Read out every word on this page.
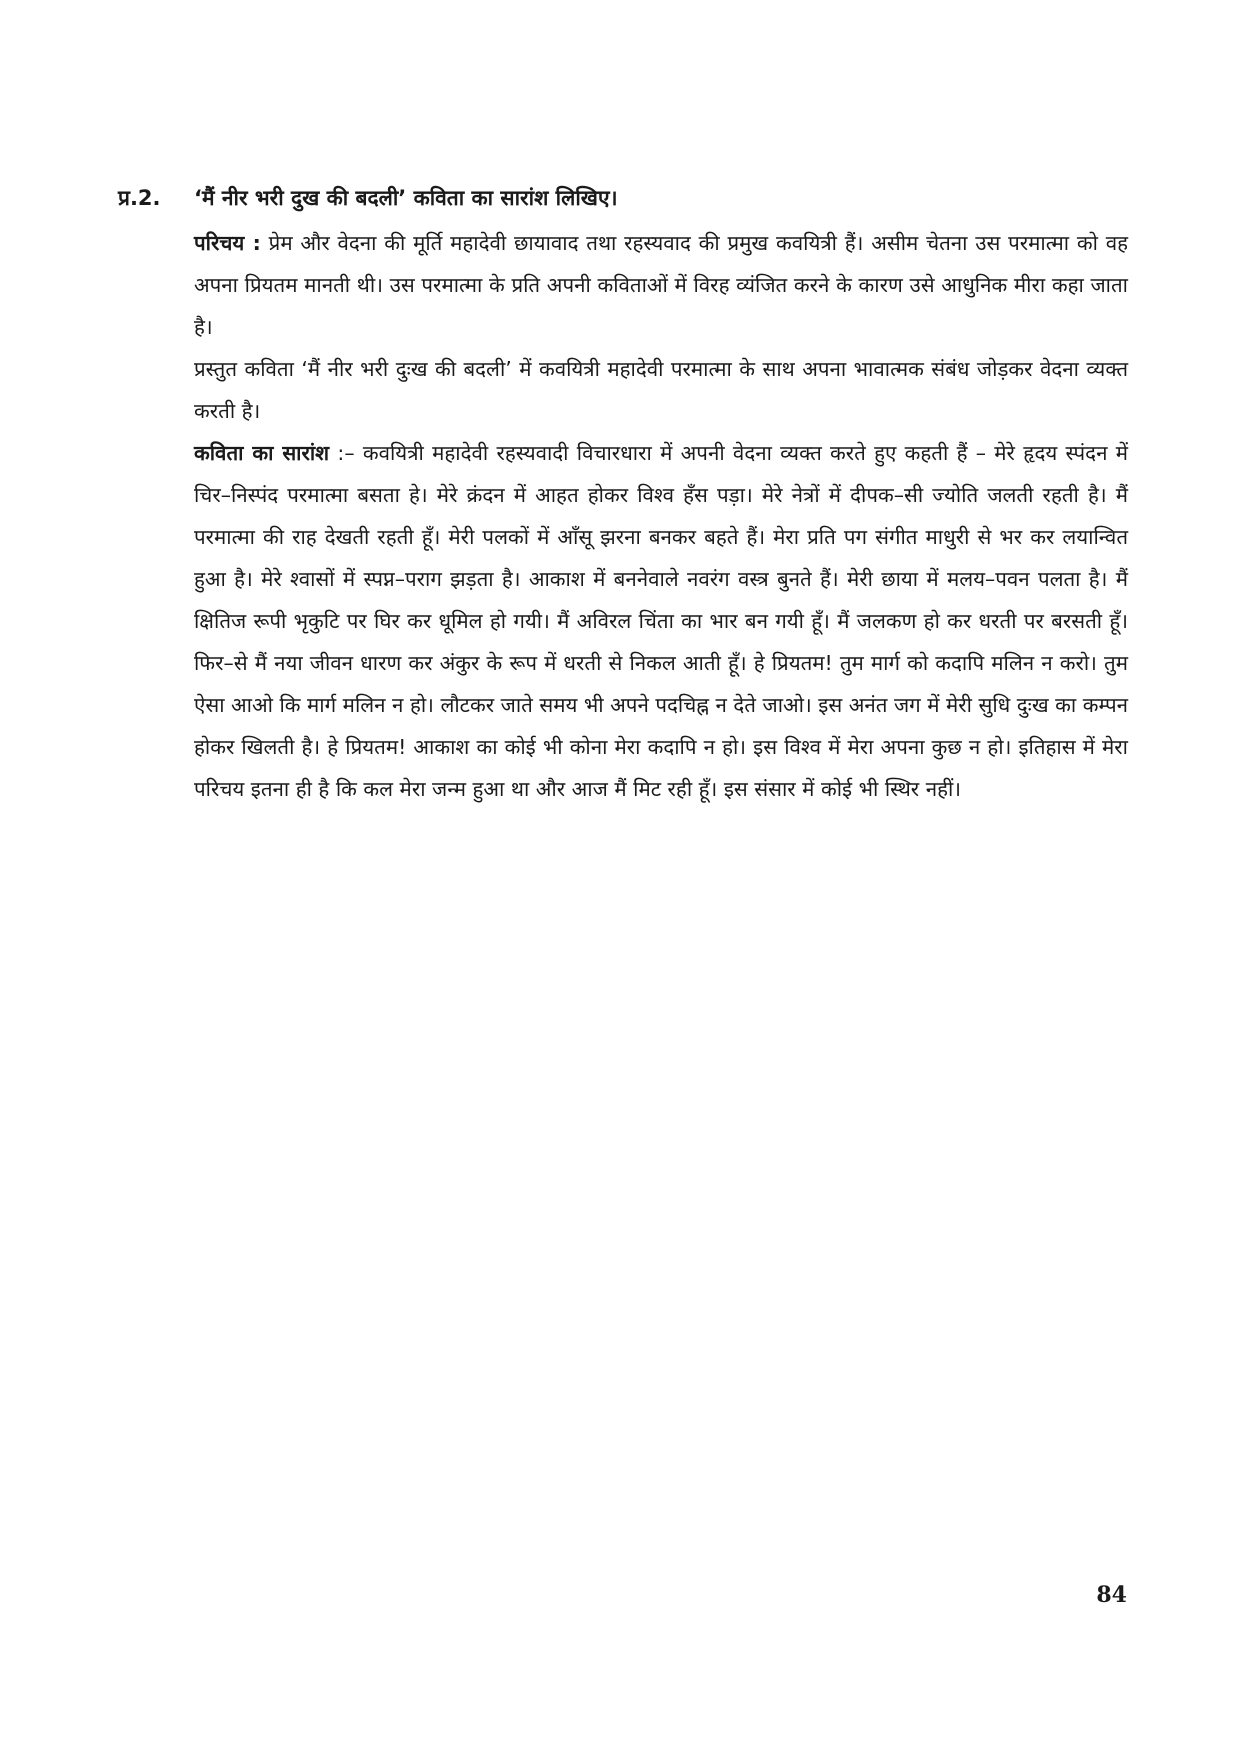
प्र.2. ‘मैं नीर भरी दुख की बदली’ कविता का सारांश लिखिए।

परिचय : प्रेम और वेदना की मूर्ति महादेवी छायावाद तथा रहस्यवाद की प्रमुख कवयित्री हैं। असीम चेतना उस परमात्मा को वह अपना प्रियतम मानती थी। उस परमात्मा के प्रति अपनी कविताओं में विरह व्यंजित करने के कारण उसे आधुनिक मीरा कहा जाता है।

प्रस्तुत कविता ‘मैं नीर भरी दुःख की बदली’ में कवयित्री महादेवी परमात्मा के साथ अपना भावात्मक संबंध जोड़कर वेदना व्यक्त करती है।

कविता का सारांश :– कवयित्री महादेवी रहस्यवादी विचारधारा में अपनी वेदना व्यक्त करते हुए कहती हैं – मेरे हृदय स्पंदन में चिर–निस्पंद परमात्मा बसता हे। मेरे क्रंदन में आहत होकर विश्व हँस पड़ा। मेरे नेत्रों में दीपक–सी ज्योति जलती रहती है। मैं परमात्मा की राह देखती रहती हूँ। मेरी पलकों में आँसू झरना बनकर बहते हैं। मेरा प्रति पग संगीत माधुरी से भर कर लयान्वित हुआ है। मेरे श्वासों में स्पप्न–पराग झड़ता है। आकाश में बननेवाले नवरंग वस्त्र बुनते हैं। मेरी छाया में मलय–पवन पलता है। मैं क्षितिज रूपी भृकुटि पर घिर कर धूमिल हो गयी। मैं अविरल चिंता का भार बन गयी हूँ। मैं जलकण हो कर धरती पर बरसती हूँ। फिर–से मैं नया जीवन धारण कर अंकुर के रूप में धरती से निकल आती हूँ। हे प्रियतम! तुम मार्ग को कदापि मलिन न करो। तुम ऐसा आओ कि मार्ग मलिन न हो। लौटकर जाते समय भी अपने पदचिह्न न देते जाओ। इस अनंत जग में मेरी सुधि दुःख का कम्पन होकर खिलती है। हे प्रियतम! आकाश का कोई भी कोना मेरा कदापि न हो। इस विश्व में मेरा अपना कुछ न हो। इतिहास में मेरा परिचय इतना ही है कि कल मेरा जन्म हुआ था और आज मैं मिट रही हूँ। इस संसार में कोई भी स्थिर नहीं।

84
